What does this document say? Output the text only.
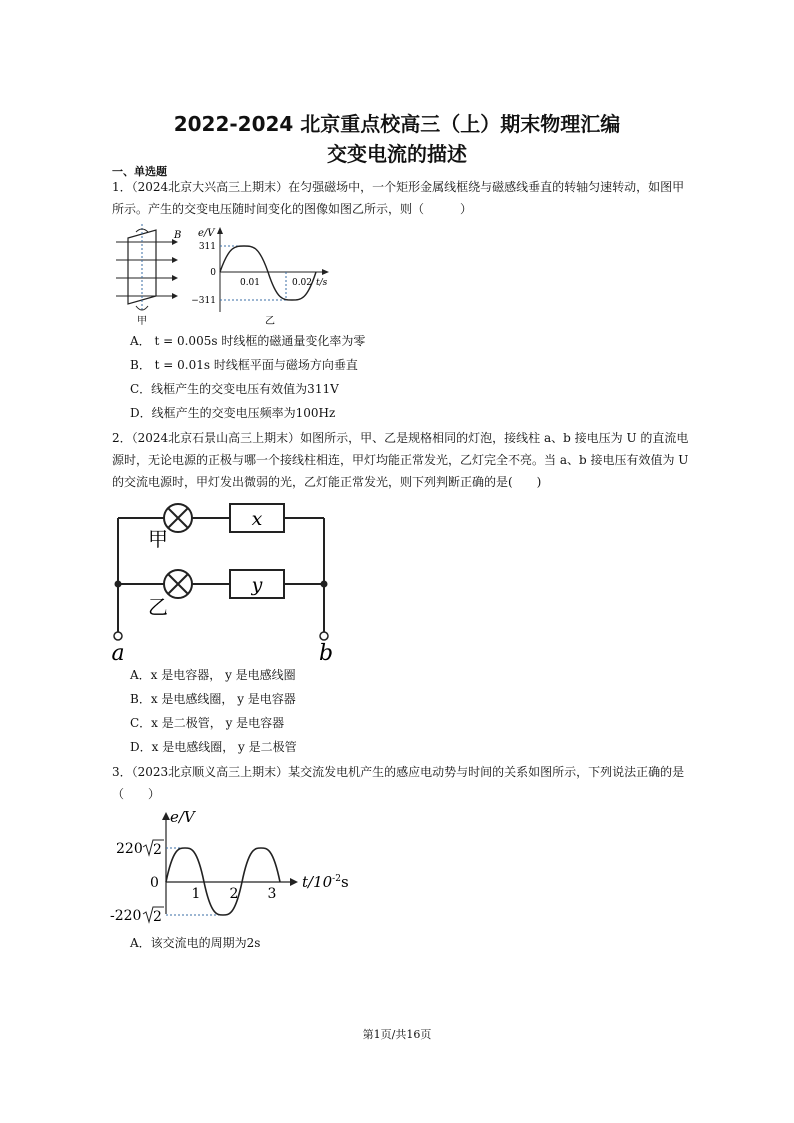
2022-2024 北京重点校高三（上）期末物理汇编
交变电流的描述
一、单选题
1．（2024北京大兴高三上期末）在匀强磁场中，一个矩形金属线框绕与磁感线垂直的转轴匀速转动，如图甲所示。产生的交变电压随时间变化的图像如图乙所示，则（　　　）
B
甲
e/V
311
0
−311
0.01	0.02 t/s
乙
A． t = 0.005s 时线框的磁通量变化率为零
B． t = 0.01s 时线框平面与磁场方向垂直
C．线框产生的交变电压有效值为311V
D．线框产生的交变电压频率为100Hz
2．（2024北京石景山高三上期末）如图所示，甲、乙是规格相同的灯泡，接线柱 a、b 接电压为 U 的直流电源时，无论电源的正极与哪一个接线柱相连，甲灯均能正常发光，乙灯完全不亮。当 a、b 接电压有效值为 U 的交流电源时，甲灯发出微弱的光，乙灯能正常发光，则下列判断正确的是(　　)
x
y
甲
乙
a	b
A．x 是电容器， y 是电感线圈
B．x 是电感线圈， y 是电容器
C．x 是二极管， y 是电容器
D．x 是电感线圈， y 是二极管
3．（2023北京顺义高三上期末）某交流发电机产生的感应电动势与时间的关系如图所示，下列说法正确的是（　　）
e/V
220 2
0
-220 2
1 2 3
$t/10^{-2}s$
A．该交流电的周期为2s
第1页/共16页
